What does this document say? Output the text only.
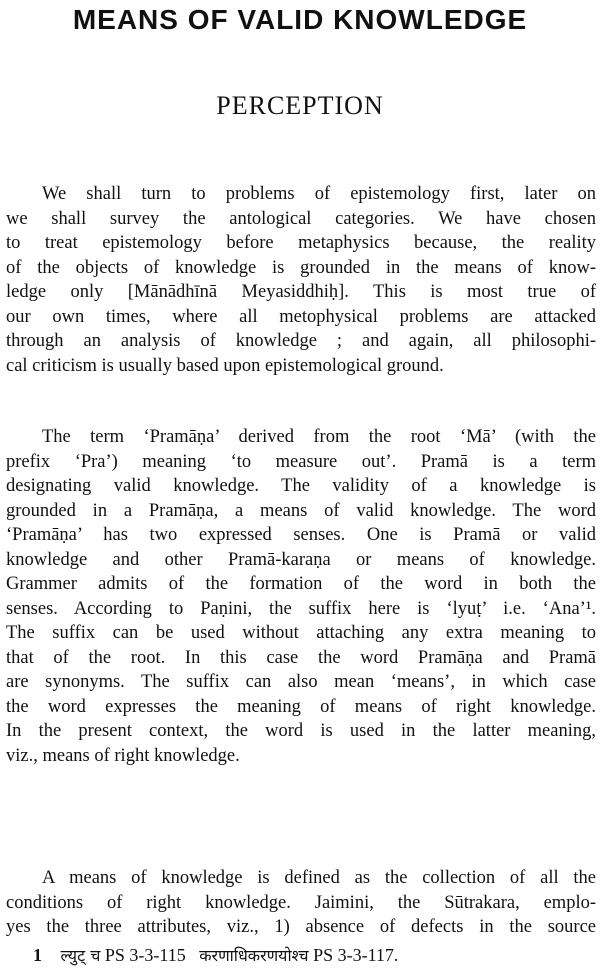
MEANS OF VALID KNOWLEDGE
PERCEPTION
We shall turn to problems of epistemology first, later on
we shall survey the antological categories. We have chosen
to treat epistemology before metaphysics because, the reality
of the objects of knowledge is grounded in the means of know-
ledge only [Mānādhīnā Meyasiddhiḥ]. This is most true of
our own times, where all metophysical problems are attacked
through an analysis of knowledge ; and again, all philosophi-
cal criticism is usually based upon epistemological ground.
The term ‘Pramāṇa’ derived from the root ‘Mā’ (with the
prefix ‘Pra’) meaning ‘to measure out’. Pramā is a term
designating valid knowledge. The validity of a knowledge is
grounded in a Pramāṇa, a means of valid knowledge. The word
‘Pramāṇa’ has two expressed senses. One is Pramā or valid
knowledge and other Pramā-karaṇa or means of knowledge.
Grammer admits of the formation of the word in both the
senses. According to Paṇini, the suffix here is ‘lyuṭ’ i.e. ‘Ana’¹.
The suffix can be used without attaching any extra meaning to
that of the root. In this case the word Pramāṇa and Pramā
are synonyms. The suffix can also mean ‘means’, in which case
the word expresses the meaning of means of right knowledge.
In the present context, the word is used in the latter meaning,
viz., means of right knowledge.
A means of knowledge is defined as the collection of all the
conditions of right knowledge. Jaimini, the Sūtrakara, emplo-
yes the three attributes, viz., 1) absence of defects in the source
1 ल्युट् च PS 3-3-115 करणाधिकरणयोश्च PS 3-3-117.
